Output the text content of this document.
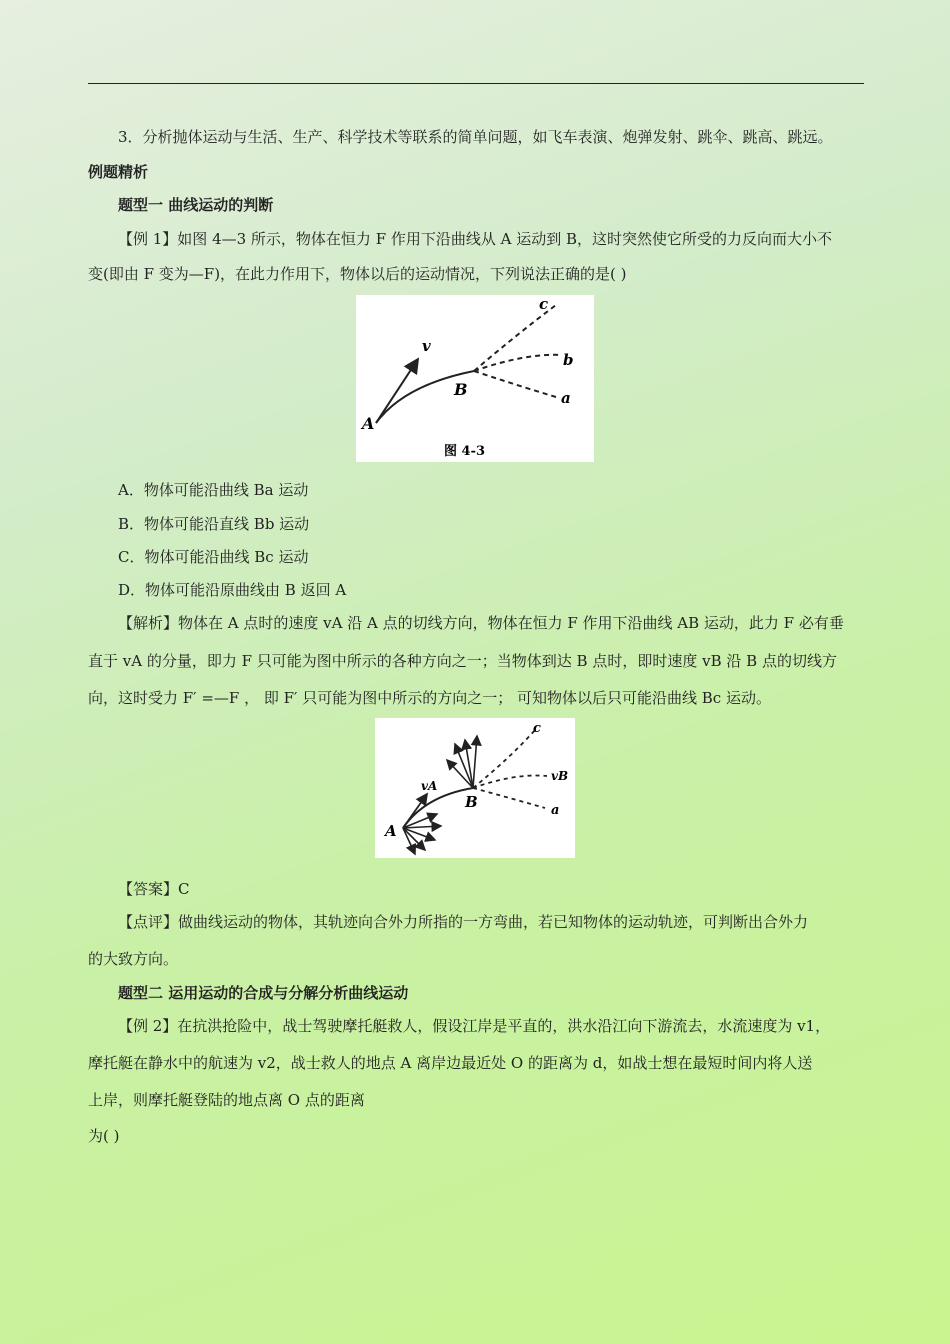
3．分析抛体运动与生活、生产、科学技术等联系的简单问题，如飞车表演、炮弹发射、跳伞、跳高、跳远。
例题精析
题型一 曲线运动的判断
【例 1】如图 4—3 所示，物体在恒力 F 作用下沿曲线从 A 运动到 B，这时突然使它所受的力反向而大小不
变(即由 F 变为—F)，在此力作用下，物体以后的运动情况，下列说法正确的是( )
v
A
B
c
b
a
图 4-3
A．物体可能沿曲线 Ba 运动
B．物体可能沿直线 Bb 运动
C．物体可能沿曲线 Bc 运动
D．物体可能沿原曲线由 B 返回 A
【解析】物体在 A 点时的速度 vA 沿 A 点的切线方向，物体在恒力 F 作用下沿曲线 AB 运动，此力 F 必有垂
直于 vA 的分量，即力 F 只可能为图中所示的各种方向之一；当物体到达 B 点时，即时速度 vB 沿 B 点的切线方
向，这时受力 F′ =—F ， 即 F′ 只可能为图中所示的方向之一； 可知物体以后只可能沿曲线 Bc 运动。
A
B
vA
vB
c
a
【答案】C
【点评】做曲线运动的物体，其轨迹向合外力所指的一方弯曲，若已知物体的运动轨迹，可判断出合外力
的大致方向。
题型二 运用运动的合成与分解分析曲线运动
【例 2】在抗洪抢险中，战士驾驶摩托艇救人，假设江岸是平直的，洪水沿江向下游流去，水流速度为 v1，
摩托艇在静水中的航速为 v2，战士救人的地点 A 离岸边最近处 O 的距离为 d，如战士想在最短时间内将人送
上岸，则摩托艇登陆的地点离 O 点的距离
为( )
